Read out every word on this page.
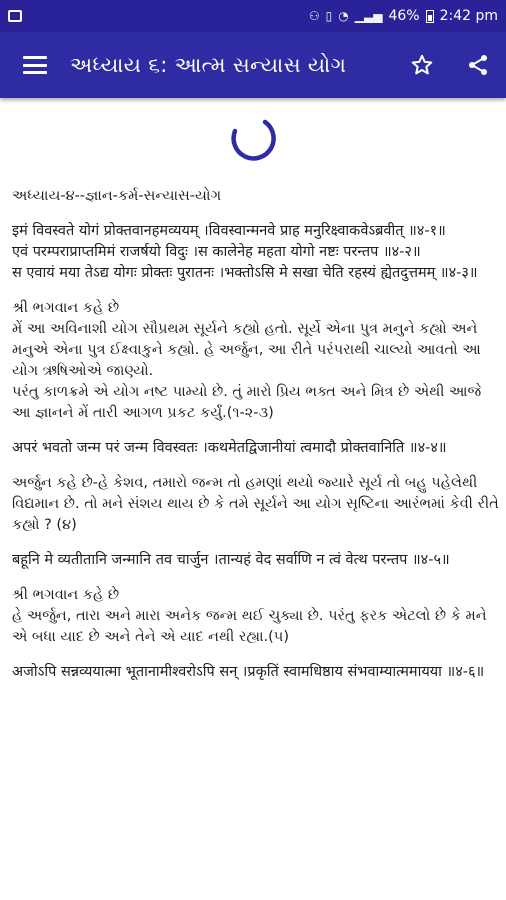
⚇ ▯ ◔ ▁▃▅ 46% 2:42 pm
અધ્યાય ૬: આત્મ સન્યાસ યોગ

અધ્યાય-૪--જ્ઞાન-કર્મ-સન્યાસ-યોગ

इमं विवस्वते योगं प्रोक्तवानहमव्ययम् ।विवस्वान्मनवे प्राह मनुरिक्ष्वाकवेऽब्रवीत् ॥४-१॥

एवं परम्पराप्राप्तमिमं राजर्षयो विदुः ।स कालेनेह महता योगो नष्टः परन्तप ॥४-२॥

स एवायं मया तेऽद्य योगः प्रोक्तः पुरातनः ।भक्तोऽसि मे सखा चेति रहस्यं ह्येतदुत्तमम् ॥४-३॥

શ્રી ભગવાન કહે છે
મેં આ અવિનાશી યોગ સૌપ્રથમ સૂર્યને કહ્યો હતો. સૂર્યે એના પુત્ર મનુને કહ્યો અને મનુએ એના પુત્ર ઈક્ષ્વાકુને કહ્યો. હે અર્જુન, આ રીતે પરંપરાથી ચાલ્યો આવતો આ યોગ ઋષિઓએ જાણ્યો.
પરંતુ કાળક્રમે એ યોગ નષ્ટ પામ્યો છે. તું મારો પ્રિય ભક્ત અને મિત્ર છે એથી આજે આ જ્ઞાનને મેં તારી આગળ પ્રકટ કર્યું.(૧-૨-૩)

अपरं भवतो जन्म परं जन्म विवस्वतः ।कथमेतद्विजानीयां त्वमादौ प्रोक्तवानिति ॥४-४॥

અર્જુન કહે છે-હે કેશવ, તમારો જન્મ તો હમણાં થયો જ્યારે સૂર્ય તો બહુ પહેલેથી વિદ્યમાન છે. તો મને સંશય થાય છે કે તમે સૂર્યને આ યોગ સૃષ્ટિના આરંભમાં કેવી રીતે કહ્યો ? (૪)

बहूनि मे व्यतीतानि जन्मानि तव चार्जुन ।तान्यहं वेद सर्वाणि न त्वं वेत्थ परन्तप ॥४-५॥

શ્રી ભગવાન કહે છે
હે અર્જુન, તારા અને મારા અનેક જન્મ થઈ ચુક્યા છે. પરંતુ ફરક એટલો છે કે મને એ બધા યાદ છે અને તેને એ યાદ નથી રહ્યા.(૫)

अजोऽपि सन्नव्ययात्मा भूतानामीश्वरोऽपि सन् ।प्रकृतिं स्वामधिष्ठाय संभवाम्यात्ममायया ॥४-६॥
